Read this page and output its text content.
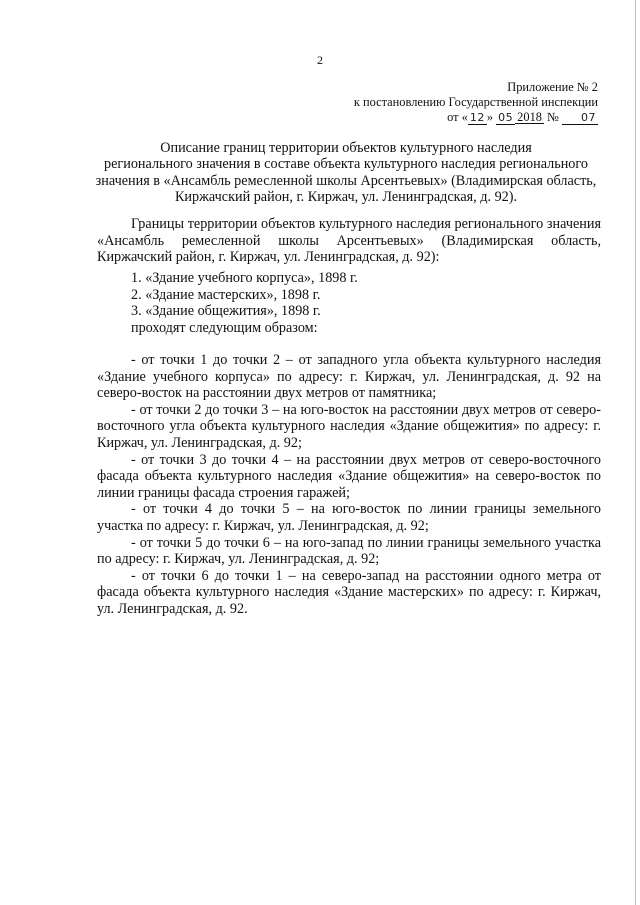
2
Приложение № 2
к постановлению Государственной инспекции
от « 12 » 05 2018 № 07
Описание границ территории объектов культурного наследия
регионального значения в составе объекта культурного наследия регионального
значения в «Ансамбль ремесленной школы Арсентьевых» (Владимирская область,
Киржачский район, г. Киржач, ул. Ленинградская, д. 92).
Границы территории объектов культурного наследия регионального значения «Ансамбль ремесленной школы Арсентьевых» (Владимирская область, Киржачский район, г. Киржач, ул. Ленинградская, д. 92):
1. «Здание учебного корпуса», 1898 г.
2. «Здание мастерских», 1898 г.
3. «Здание общежития», 1898 г.
проходят следующим образом:

- от точки 1 до точки 2 – от западного угла объекта культурного наследия «Здание учебного корпуса» по адресу: г. Киржач, ул. Ленинградская, д. 92 на северо-восток на расстоянии двух метров от памятника;

- от точки 2 до точки 3 – на юго-восток на расстоянии двух метров от северо-восточного угла объекта культурного наследия «Здание общежития» по адресу: г. Киржач, ул. Ленинградская, д. 92;

- от точки 3 до точки 4 – на расстоянии двух метров от северо-восточного фасада объекта культурного наследия «Здание общежития» на северо-восток по линии границы фасада строения гаражей;

- от точки 4 до точки 5 – на юго-восток по линии границы земельного участка по адресу: г. Киржач, ул. Ленинградская, д. 92;

- от точки 5 до точки 6 – на юго-запад по линии границы земельного участка по адресу: г. Киржач, ул. Ленинградская, д. 92;

- от точки 6 до точки 1 – на северо-запад на расстоянии одного метра от фасада объекта культурного наследия «Здание мастерских» по адресу: г. Киржач, ул. Ленинградская, д. 92.
